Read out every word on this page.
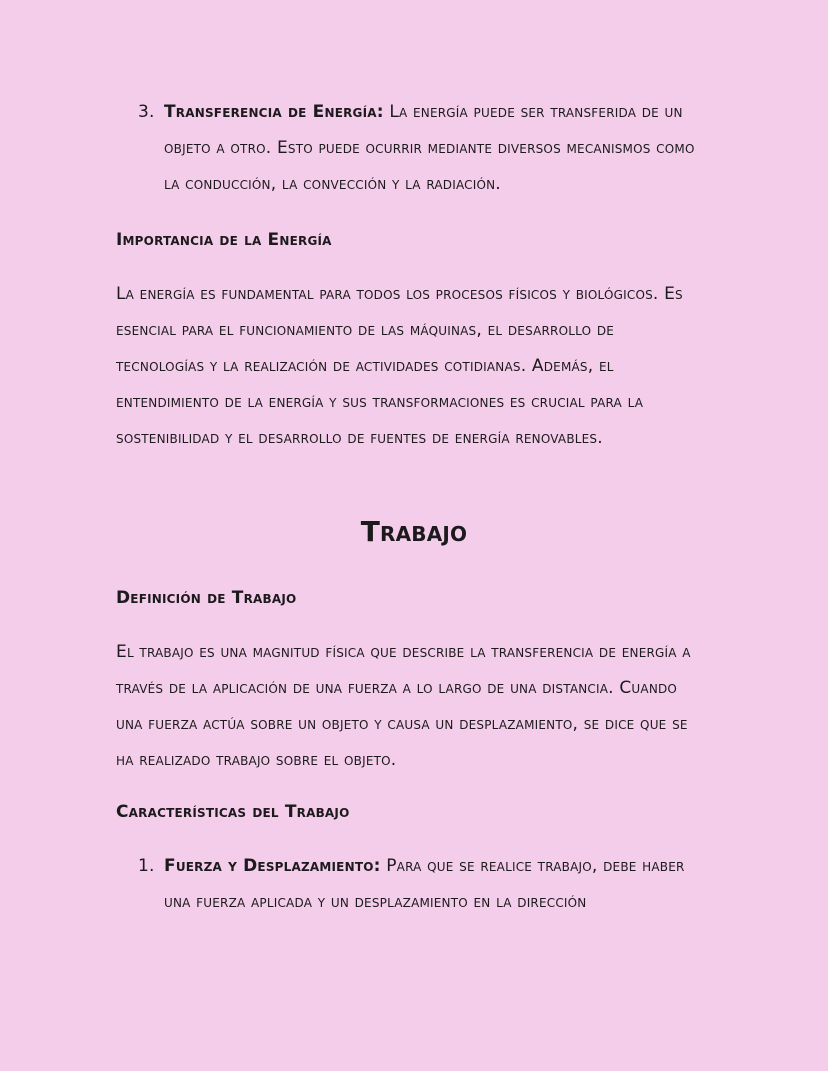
3. Transferencia de Energía: La energía puede ser transferida de un objeto a otro. Esto puede ocurrir mediante diversos mecanismos como la conducción, la convección y la radiación.
Importancia de la Energía
La energía es fundamental para todos los procesos físicos y biológicos. Es esencial para el funcionamiento de las máquinas, el desarrollo de tecnologías y la realización de actividades cotidianas. Además, el entendimiento de la energía y sus transformaciones es crucial para la sostenibilidad y el desarrollo de fuentes de energía renovables.
Trabajo
Definición de Trabajo
El trabajo es una magnitud física que describe la transferencia de energía a través de la aplicación de una fuerza a lo largo de una distancia. Cuando una fuerza actúa sobre un objeto y causa un desplazamiento, se dice que se ha realizado trabajo sobre el objeto.
Características del Trabajo
1. Fuerza y Desplazamiento: Para que se realice trabajo, debe haber una fuerza aplicada y un desplazamiento en la dirección
